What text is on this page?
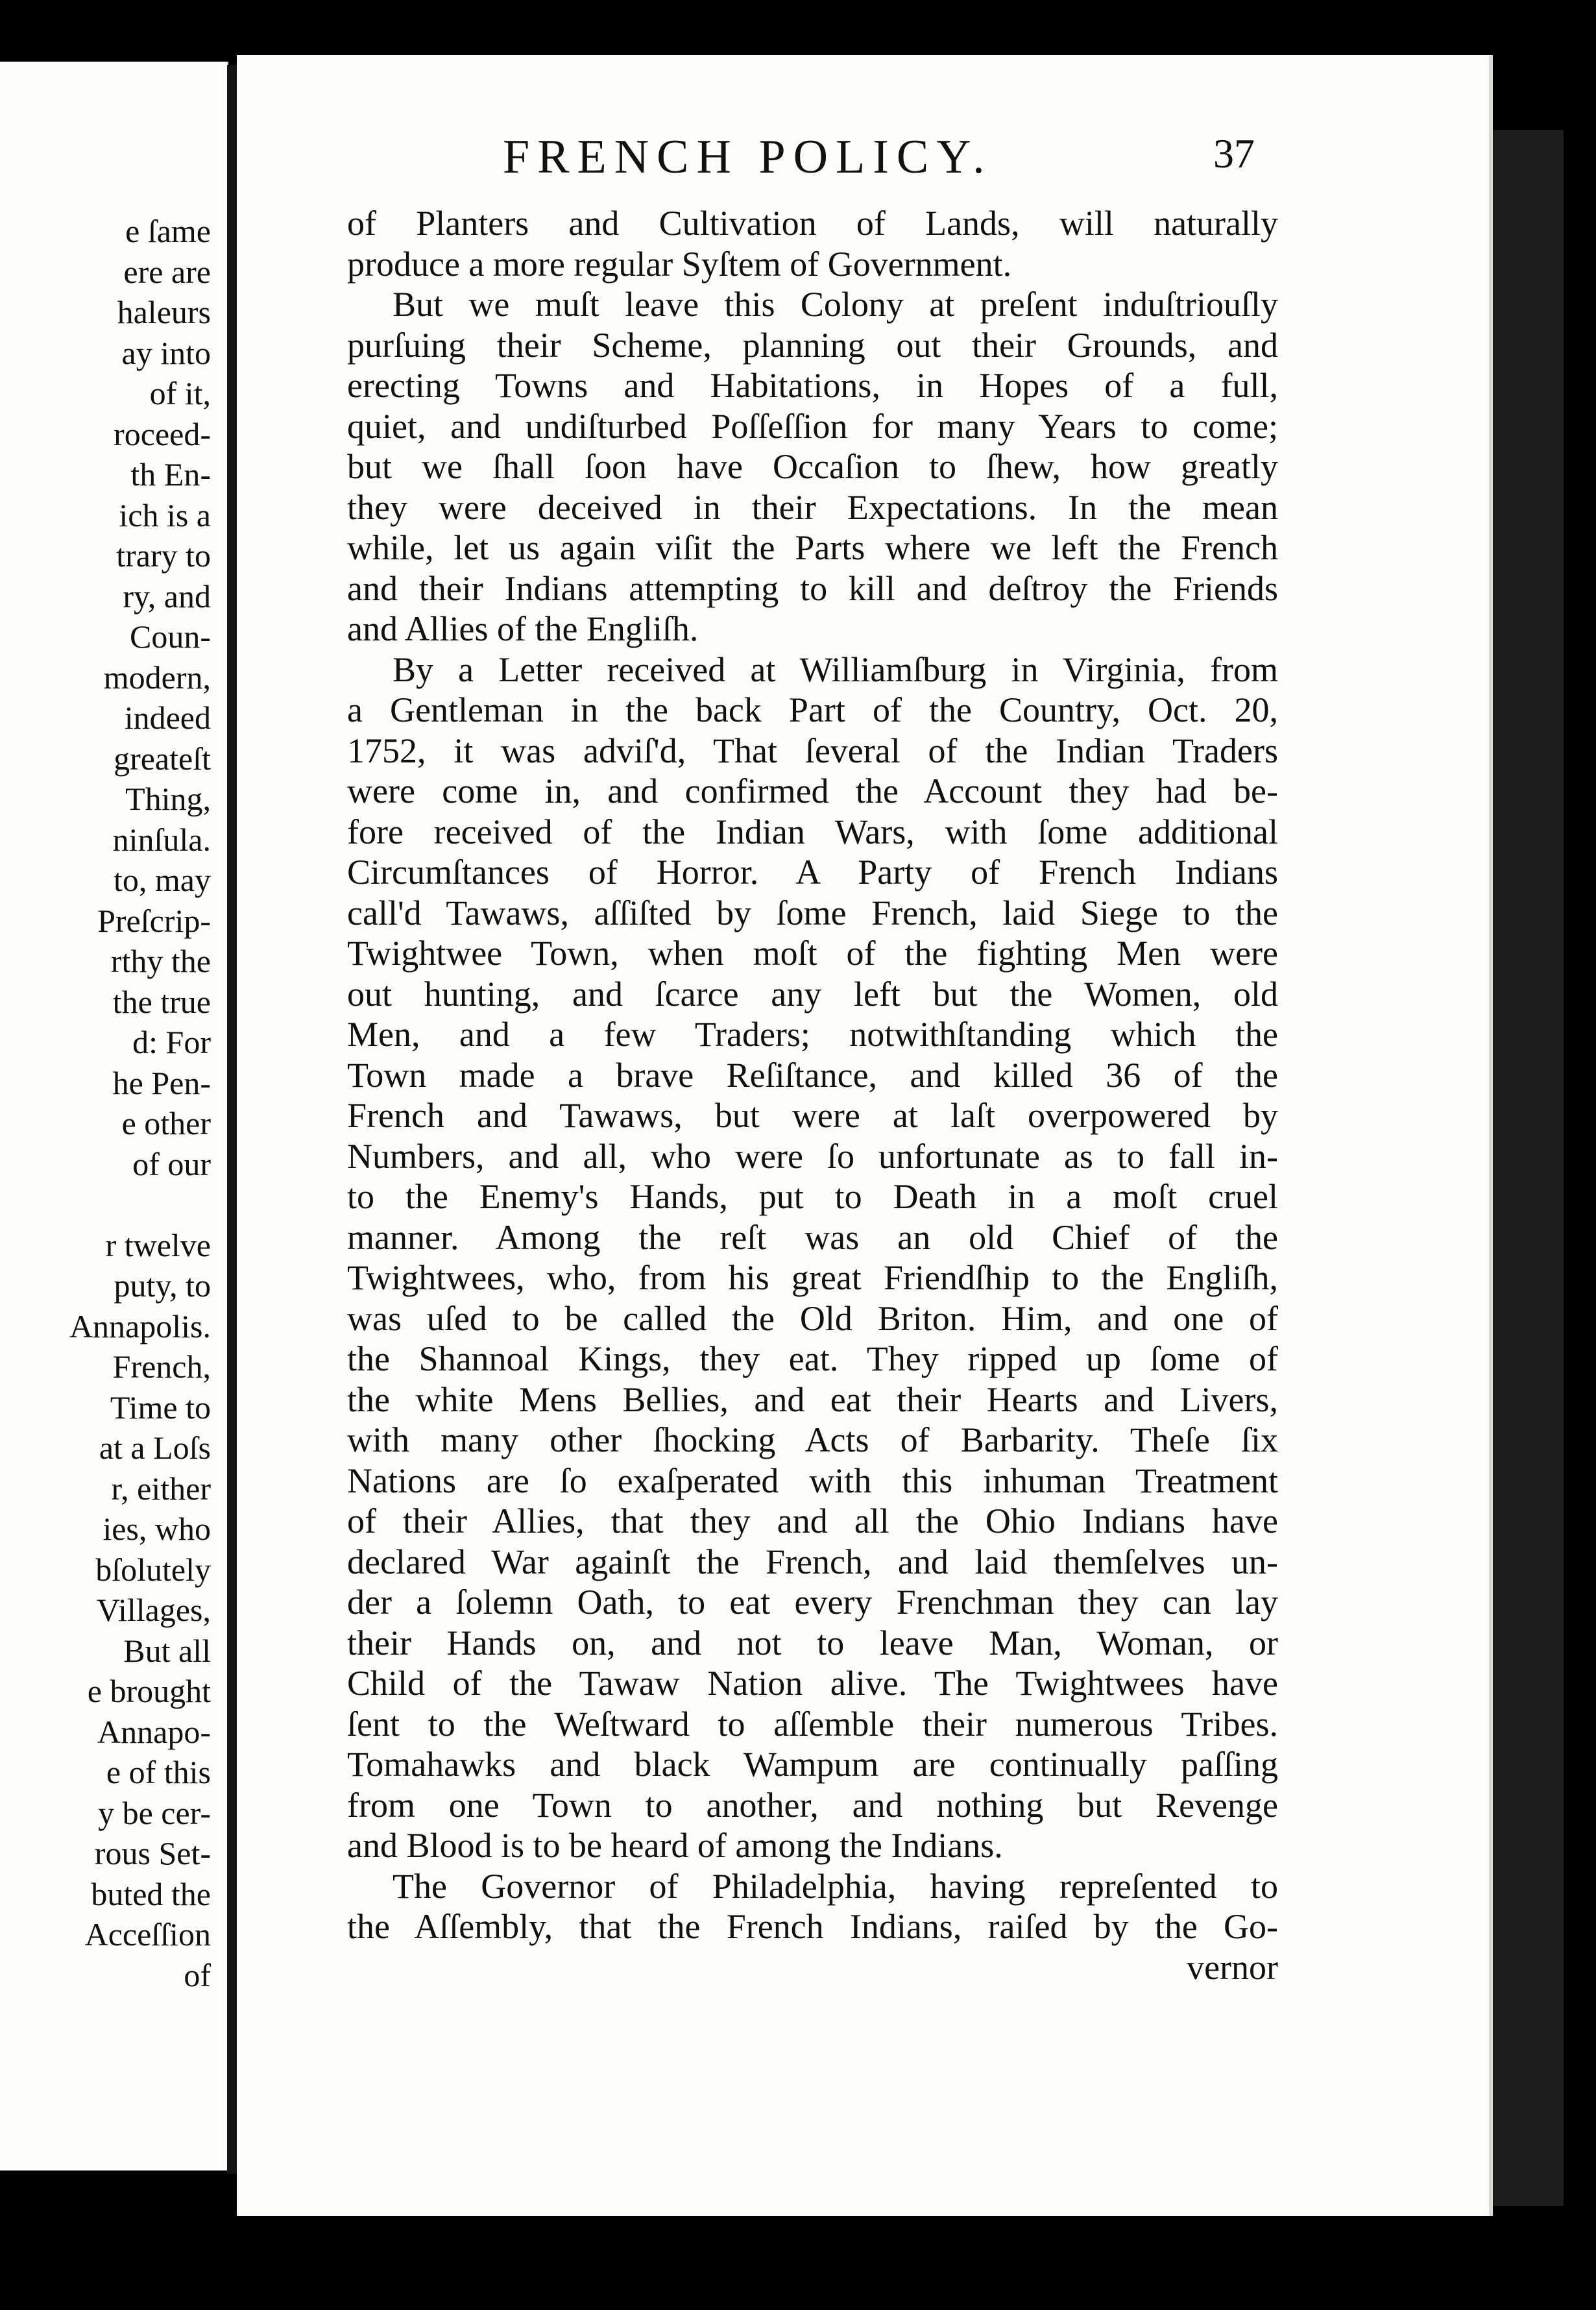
e ſame
ere are
haleurs
ay into
of it,
roceed-
th En-
ich is a
trary to
ry, and
Coun-
modern,
indeed
greateſt
Thing,
ninſula.
to, may
Preſcrip-
rthy the
the true
d: For
he Pen-
e other
of our

r twelve
puty, to
Annapolis.
French,
Time to
at a Loſs
r, either
ies, who
bſolutely
Villages,
But all
e brought
Annapo-
e of this
y be cer-
rous Set-
buted the
Acceſſion
of
FRENCH POLICY.	37
of Planters and Cultivation of Lands, will naturally
produce a more regular Syſtem of Government.
But we muſt leave this Colony at preſent induſtriouſly
purſuing their Scheme, planning out their Grounds, and
erecting Towns and Habitations, in Hopes of a full,
quiet, and undiſturbed Poſſeſſion for many Years to come;
but we ſhall ſoon have Occaſion to ſhew, how greatly
they were deceived in their Expectations. In the mean
while, let us again viſit the Parts where we left the French
and their Indians attempting to kill and deſtroy the Friends
and Allies of the Engliſh.
By a Letter received at Williamſburg in Virginia, from
a Gentleman in the back Part of the Country, Oct. 20,
1752, it was adviſ'd, That ſeveral of the Indian Traders
were come in, and confirmed the Account they had be-
fore received of the Indian Wars, with ſome additional
Circumſtances of Horror. A Party of French Indians
call'd Tawaws, aſſiſted by ſome French, laid Siege to the
Twightwee Town, when moſt of the fighting Men were
out hunting, and ſcarce any left but the Women, old
Men, and a few Traders; notwithſtanding which the
Town made a brave Reſiſtance, and killed 36 of the
French and Tawaws, but were at laſt overpowered by
Numbers, and all, who were ſo unfortunate as to fall in-
to the Enemy's Hands, put to Death in a moſt cruel
manner. Among the reſt was an old Chief of the
Twightwees, who, from his great Friendſhip to the Engliſh,
was uſed to be called the Old Briton. Him, and one of
the Shannoal Kings, they eat. They ripped up ſome of
the white Mens Bellies, and eat their Hearts and Livers,
with many other ſhocking Acts of Barbarity. Theſe ſix
Nations are ſo exaſperated with this inhuman Treatment
of their Allies, that they and all the Ohio Indians have
declared War againſt the French, and laid themſelves un-
der a ſolemn Oath, to eat every Frenchman they can lay
their Hands on, and not to leave Man, Woman, or
Child of the Tawaw Nation alive. The Twightwees have
ſent to the Weſtward to aſſemble their numerous Tribes.
Tomahawks and black Wampum are continually paſſing
from one Town to another, and nothing but Revenge
and Blood is to be heard of among the Indians.
The Governor of Philadelphia, having repreſented to
the Aſſembly, that the French Indians, raiſed by the Go-
vernor
